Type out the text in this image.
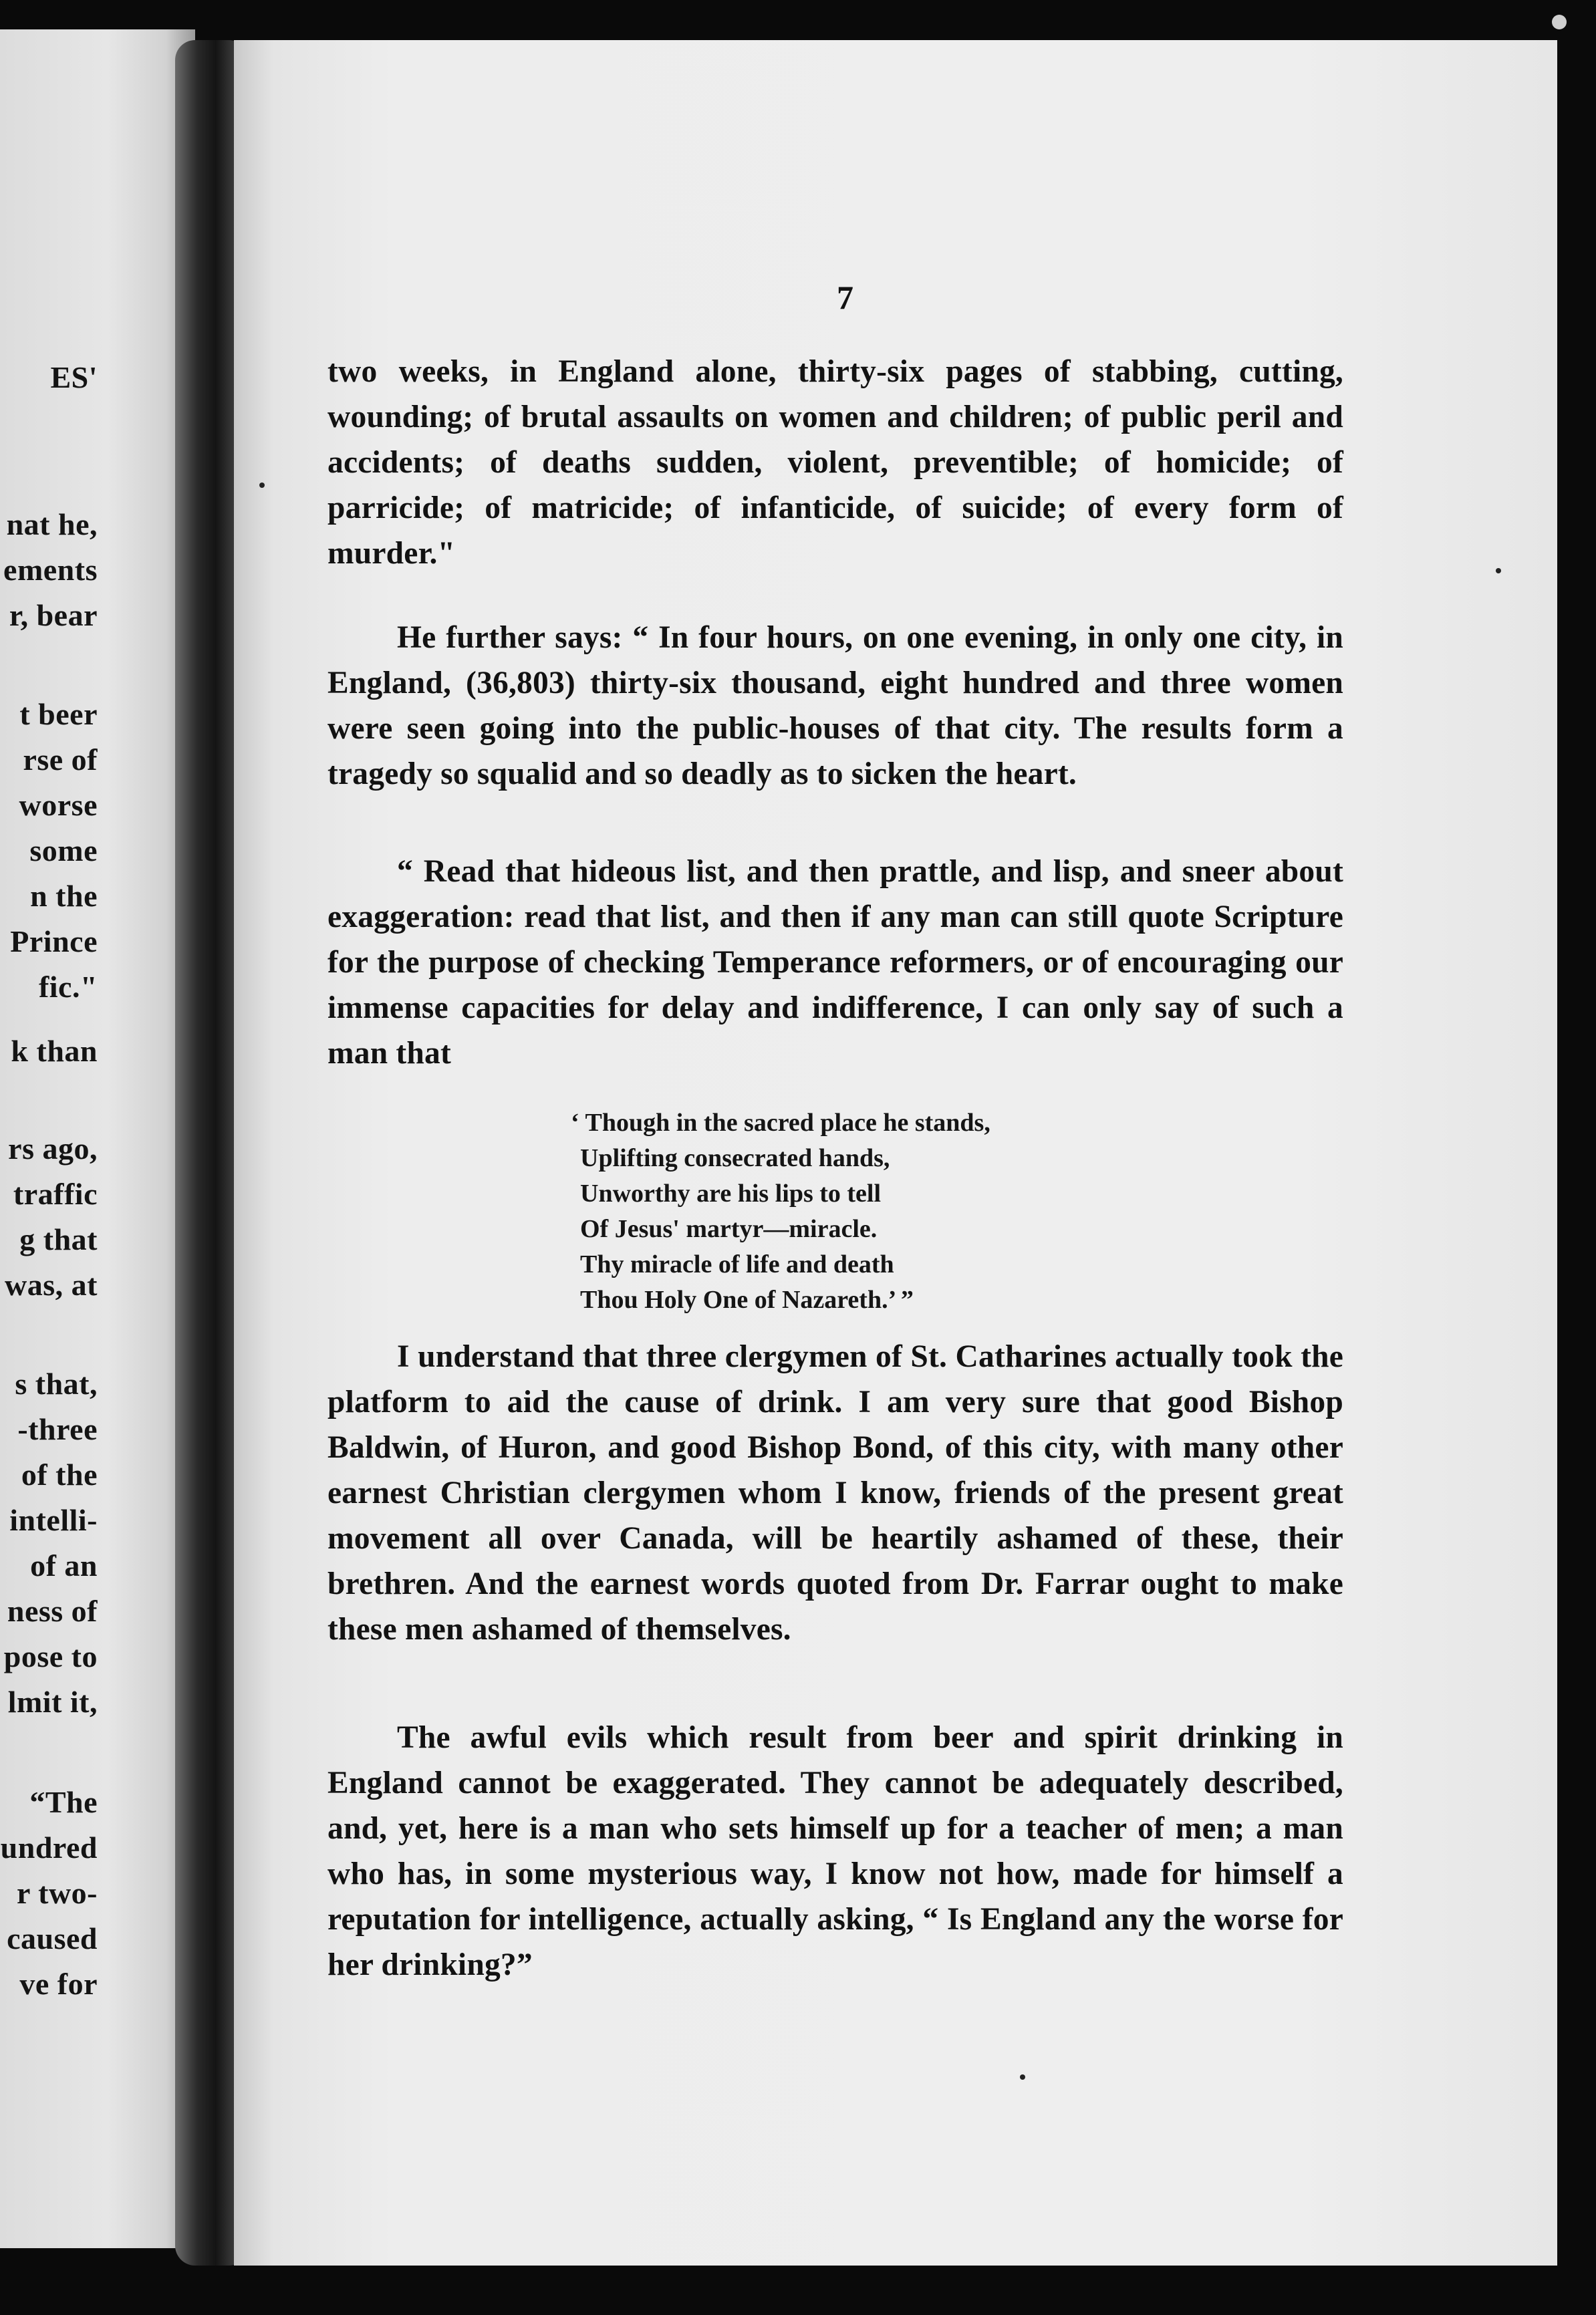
ES'
nat he,
ements
r, bear
t beer
rse of
worse
some
n the
Prince
fic."
k than
rs ago,
traffic
g that
was, at
s that,
-three
of the
intelli-
of an
ness of
pose to
lmit it,
“The
undred
r two-
caused
ve for
7
two weeks, in England alone, thirty-six pages of stabbing, cutting, wounding; of brutal assaults on women and children; of public peril and accidents; of deaths sudden, violent, preventible; of homicide; of parricide; of matricide; of infanticide, of suicide; of every form of murder."
He further says: “ In four hours, on one evening, in only one city, in England, (36,803) thirty-six thousand, eight hundred and three women were seen going into the public-houses of that city. The results form a tragedy so squalid and so deadly as to sicken the heart.
“ Read that hideous list, and then prattle, and lisp, and sneer about exaggeration: read that list, and then if any man can still quote Scripture for the purpose of checking Temperance reformers, or of encouraging our immense capacities for delay and indifference, I can only say of such a man that
‘ Though in the sacred place he stands,
Uplifting consecrated hands,
Unworthy are his lips to tell
Of Jesus' martyr—miracle.
Thy miracle of life and death
Thou Holy One of Nazareth.’ ”
I understand that three clergymen of St. Catharines actually took the platform to aid the cause of drink. I am very sure that good Bishop Baldwin, of Huron, and good Bishop Bond, of this city, with many other earnest Christian clergymen whom I know, friends of the present great movement all over Canada, will be heartily ashamed of these, their brethren. And the earnest words quoted from Dr. Farrar ought to make these men ashamed of themselves.
The awful evils which result from beer and spirit drinking in England cannot be exaggerated. They cannot be adequately described, and, yet, here is a man who sets himself up for a teacher of men; a man who has, in some mysterious way, I know not how, made for himself a reputation for intelligence, actually asking, “ Is England any the worse for her drinking?”
